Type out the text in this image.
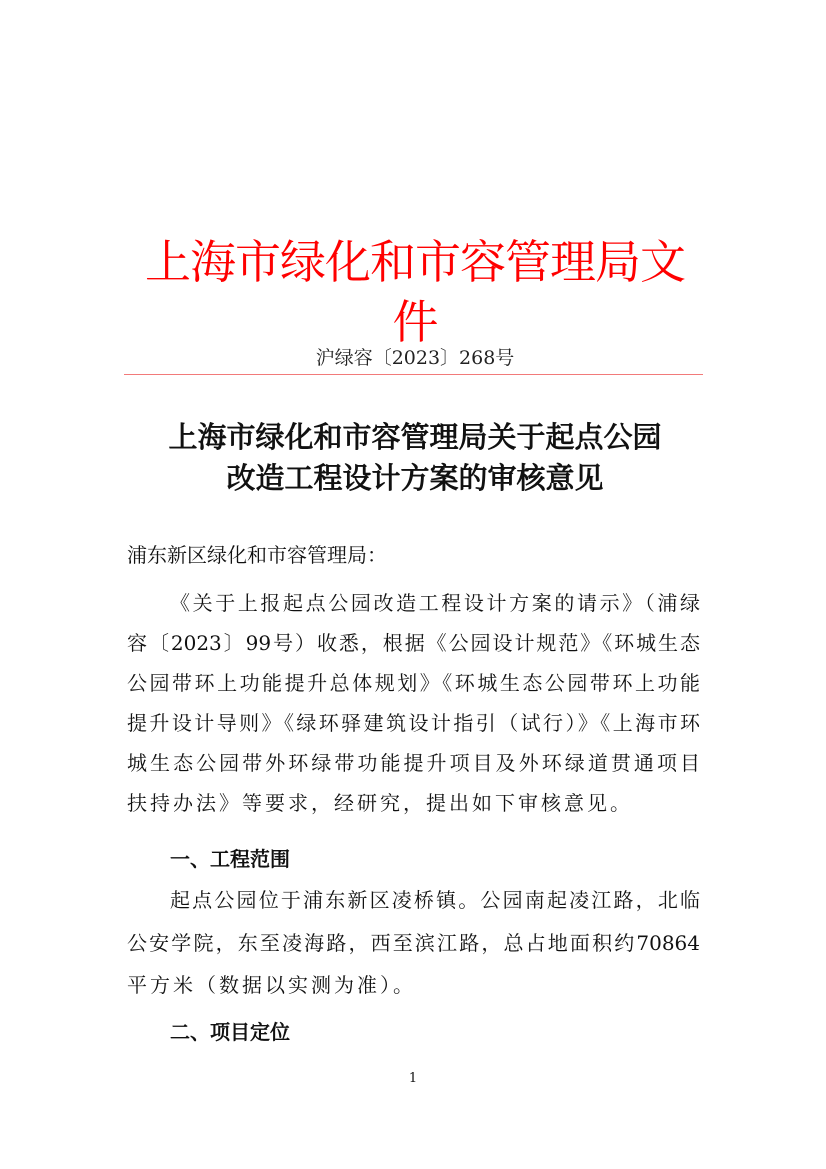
上海市绿化和市容管理局文件
沪绿容〔2023〕268号
上海市绿化和市容管理局关于起点公园
改造工程设计方案的审核意见
浦东新区绿化和市容管理局：
《关于上报起点公园改造工程设计方案的请示》（浦绿
容〔2023〕99号）收悉，根据《公园设计规范》《环城生态
公园带环上功能提升总体规划》《环城生态公园带环上功能
提升设计导则》《绿环驿建筑设计指引（试行）》《上海市环
城生态公园带外环绿带功能提升项目及外环绿道贯通项目
扶持办法》等要求，经研究，提出如下审核意见。
一、工程范围
起点公园位于浦东新区凌桥镇。公园南起凌江路，北临
公安学院，东至凌海路，西至滨江路，总占地面积约70864
平方米（数据以实测为准）。
二、项目定位
1
